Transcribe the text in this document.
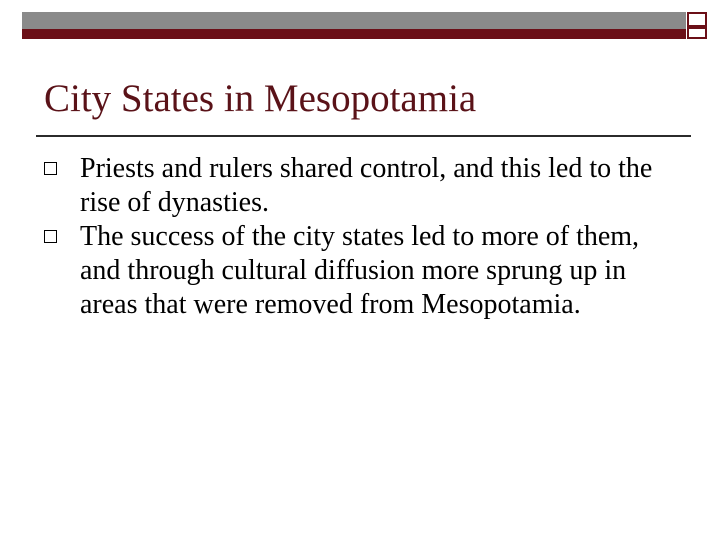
City States in Mesopotamia
Priests and rulers shared control, and this led to the rise of dynasties.
The success of the city states led to more of them, and through cultural diffusion more sprung up in areas that were removed from Mesopotamia.
